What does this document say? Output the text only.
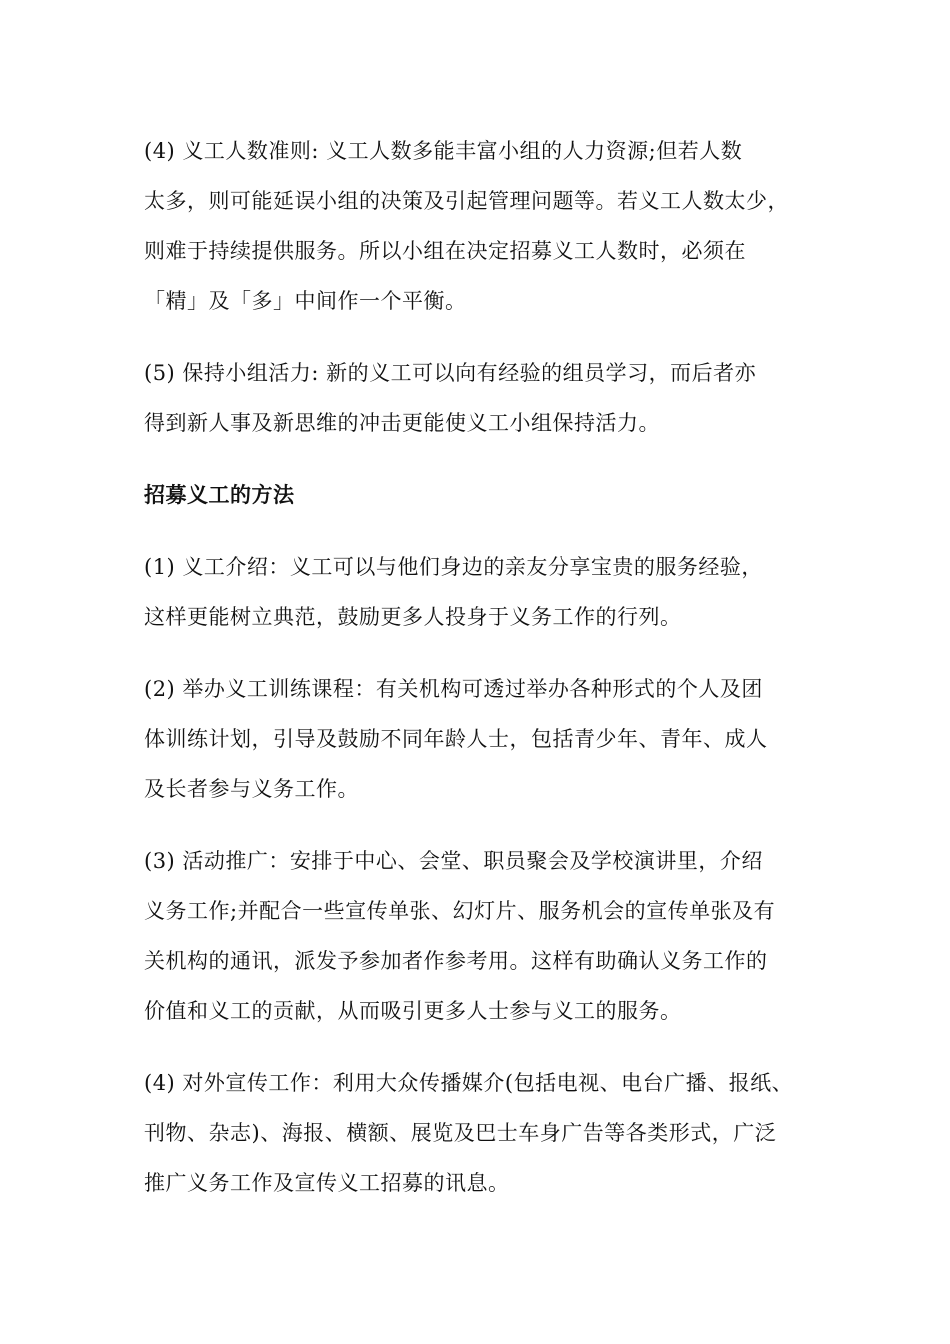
(4) 义工人数准则: 义工人数多能丰富小组的人力资源;但若人数
太多，则可能延误小组的决策及引起管理问题等。若义工人数太少，
则难于持续提供服务。所以小组在决定招募义工人数时，必须在
「精」及「多」中间作一个平衡。
(5) 保持小组活力: 新的义工可以向有经验的组员学习，而后者亦
得到新人事及新思维的冲击更能使义工小组保持活力。
招募义工的方法
(1) 义工介绍：义工可以与他们身边的亲友分享宝贵的服务经验，
这样更能树立典范，鼓励更多人投身于义务工作的行列。
(2) 举办义工训练课程：有关机构可透过举办各种形式的个人及团
体训练计划，引导及鼓励不同年龄人士，包括青少年、青年、成人
及长者参与义务工作。
(3) 活动推广：安排于中心、会堂、职员聚会及学校演讲里，介绍
义务工作;并配合一些宣传单张、幻灯片、服务机会的宣传单张及有
关机构的通讯，派发予参加者作参考用。这样有助确认义务工作的
价值和义工的贡献，从而吸引更多人士参与义工的服务。
(4) 对外宣传工作：利用大众传播媒介(包括电视、电台广播、报纸、
刊物、杂志)、海报、横额、展览及巴士车身广告等各类形式，广泛
推广义务工作及宣传义工招募的讯息。
